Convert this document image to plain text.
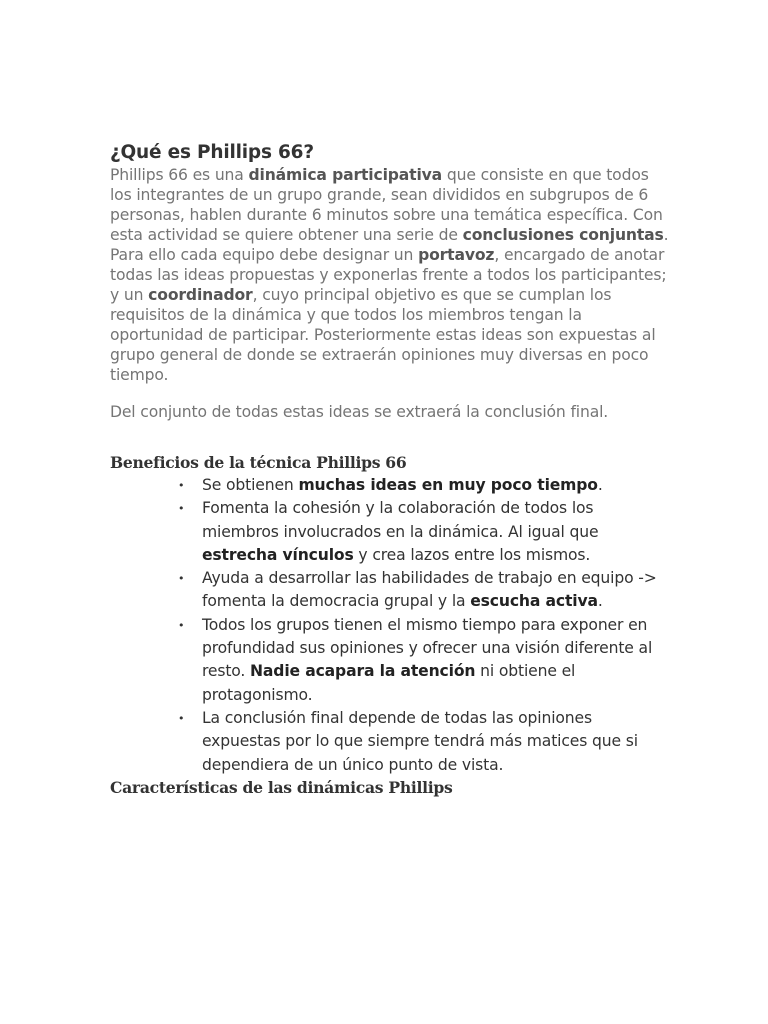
¿Qué es Phillips 66?

Phillips 66 es una dinámica participativa que consiste en que todos los integrantes de un grupo grande, sean divididos en subgrupos de 6 personas, hablen durante 6 minutos sobre una temática específica. Con esta actividad se quiere obtener una serie de conclusiones conjuntas.
Para ello cada equipo debe designar un portavoz, encargado de anotar todas las ideas propuestas y exponerlas frente a todos los participantes; y un coordinador, cuyo principal objetivo es que se cumplan los requisitos de la dinámica y que todos los miembros tengan la oportunidad de participar. Posteriormente estas ideas son expuestas al grupo general de donde se extraerán opiniones muy diversas en poco tiempo.

Del conjunto de todas estas ideas se extraerá la conclusión final.

Beneficios de la técnica Phillips 66
• Se obtienen muchas ideas en muy poco tiempo.
• Fomenta la cohesión y la colaboración de todos los miembros involucrados en la dinámica. Al igual que estrecha vínculos y crea lazos entre los mismos.
• Ayuda a desarrollar las habilidades de trabajo en equipo -> fomenta la democracia grupal y la escucha activa.
• Todos los grupos tienen el mismo tiempo para exponer en profundidad sus opiniones y ofrecer una visión diferente al resto. Nadie acapara la atención ni obtiene el protagonismo.
• La conclusión final depende de todas las opiniones expuestas por lo que siempre tendrá más matices que si dependiera de un único punto de vista.
Características de las dinámicas Phillips
